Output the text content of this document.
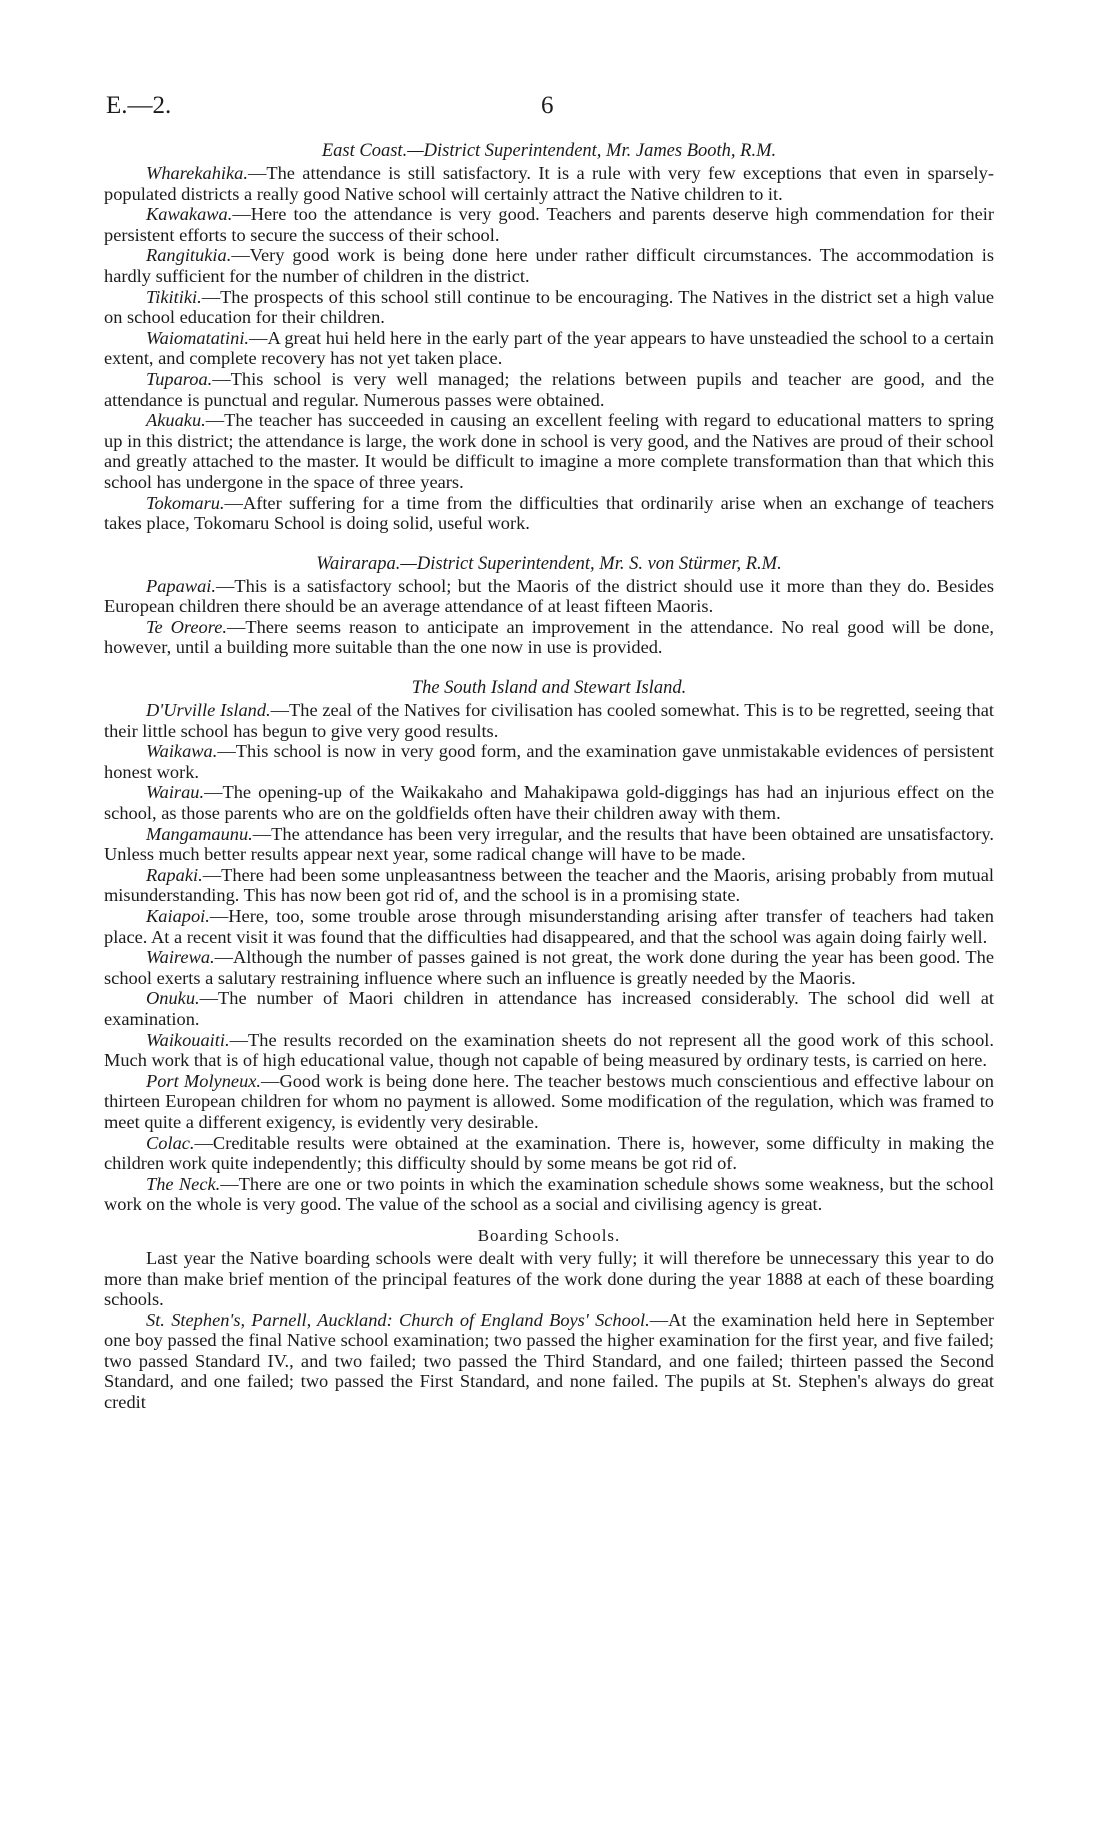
E.—2.	6
East Coast.—District Superintendent, Mr. James Booth, R.M.

Wharekahika.—The attendance is still satisfactory. It is a rule with very few exceptions that even in sparsely-populated districts a really good Native school will certainly attract the Native children to it.

Kawakawa.—Here too the attendance is very good. Teachers and parents deserve high commendation for their persistent efforts to secure the success of their school.

Rangitukia.—Very good work is being done here under rather difficult circumstances. The accommodation is hardly sufficient for the number of children in the district.

Tikitiki.—The prospects of this school still continue to be encouraging. The Natives in the district set a high value on school education for their children.

Waiomatatini.—A great hui held here in the early part of the year appears to have unsteadied the school to a certain extent, and complete recovery has not yet taken place.

Tuparoa.—This school is very well managed; the relations between pupils and teacher are good, and the attendance is punctual and regular. Numerous passes were obtained.

Akuaku.—The teacher has succeeded in causing an excellent feeling with regard to educational matters to spring up in this district; the attendance is large, the work done in school is very good, and the Natives are proud of their school and greatly attached to the master. It would be difficult to imagine a more complete transformation than that which this school has undergone in the space of three years.

Tokomaru.—After suffering for a time from the difficulties that ordinarily arise when an exchange of teachers takes place, Tokomaru School is doing solid, useful work.

Wairarapa.—District Superintendent, Mr. S. von Stürmer, R.M.

Papawai.—This is a satisfactory school; but the Maoris of the district should use it more than they do. Besides European children there should be an average attendance of at least fifteen Maoris.

Te Oreore.—There seems reason to anticipate an improvement in the attendance. No real good will be done, however, until a building more suitable than the one now in use is provided.

The South Island and Stewart Island.

D'Urville Island.—The zeal of the Natives for civilisation has cooled somewhat. This is to be regretted, seeing that their little school has begun to give very good results.

Waikawa.—This school is now in very good form, and the examination gave unmistakable evidences of persistent honest work.

Wairau.—The opening-up of the Waikakaho and Mahakipawa gold-diggings has had an injurious effect on the school, as those parents who are on the goldfields often have their children away with them.

Mangamaunu.—The attendance has been very irregular, and the results that have been obtained are unsatisfactory. Unless much better results appear next year, some radical change will have to be made.

Rapaki.—There had been some unpleasantness between the teacher and the Maoris, arising probably from mutual misunderstanding. This has now been got rid of, and the school is in a promising state.

Kaiapoi.—Here, too, some trouble arose through misunderstanding arising after transfer of teachers had taken place. At a recent visit it was found that the difficulties had disappeared, and that the school was again doing fairly well.

Wairewa.—Although the number of passes gained is not great, the work done during the year has been good. The school exerts a salutary restraining influence where such an influence is greatly needed by the Maoris.

Onuku.—The number of Maori children in attendance has increased considerably. The school did well at examination.

Waikouaiti.—The results recorded on the examination sheets do not represent all the good work of this school. Much work that is of high educational value, though not capable of being measured by ordinary tests, is carried on here.

Port Molyneux.—Good work is being done here. The teacher bestows much conscientious and effective labour on thirteen European children for whom no payment is allowed. Some modification of the regulation, which was framed to meet quite a different exigency, is evidently very desirable.

Colac.—Creditable results were obtained at the examination. There is, however, some difficulty in making the children work quite independently; this difficulty should by some means be got rid of.

The Neck.—There are one or two points in which the examination schedule shows some weakness, but the school work on the whole is very good. The value of the school as a social and civilising agency is great.

Boarding Schools.

Last year the Native boarding schools were dealt with very fully; it will therefore be unnecessary this year to do more than make brief mention of the principal features of the work done during the year 1888 at each of these boarding schools.

St. Stephen's, Parnell, Auckland: Church of England Boys' School.—At the examination held here in September one boy passed the final Native school examination; two passed the higher examination for the first year, and five failed; two passed Standard IV., and two failed; two passed the Third Standard, and one failed; thirteen passed the Second Standard, and one failed; two passed the First Standard, and none failed. The pupils at St. Stephen's always do great credit
